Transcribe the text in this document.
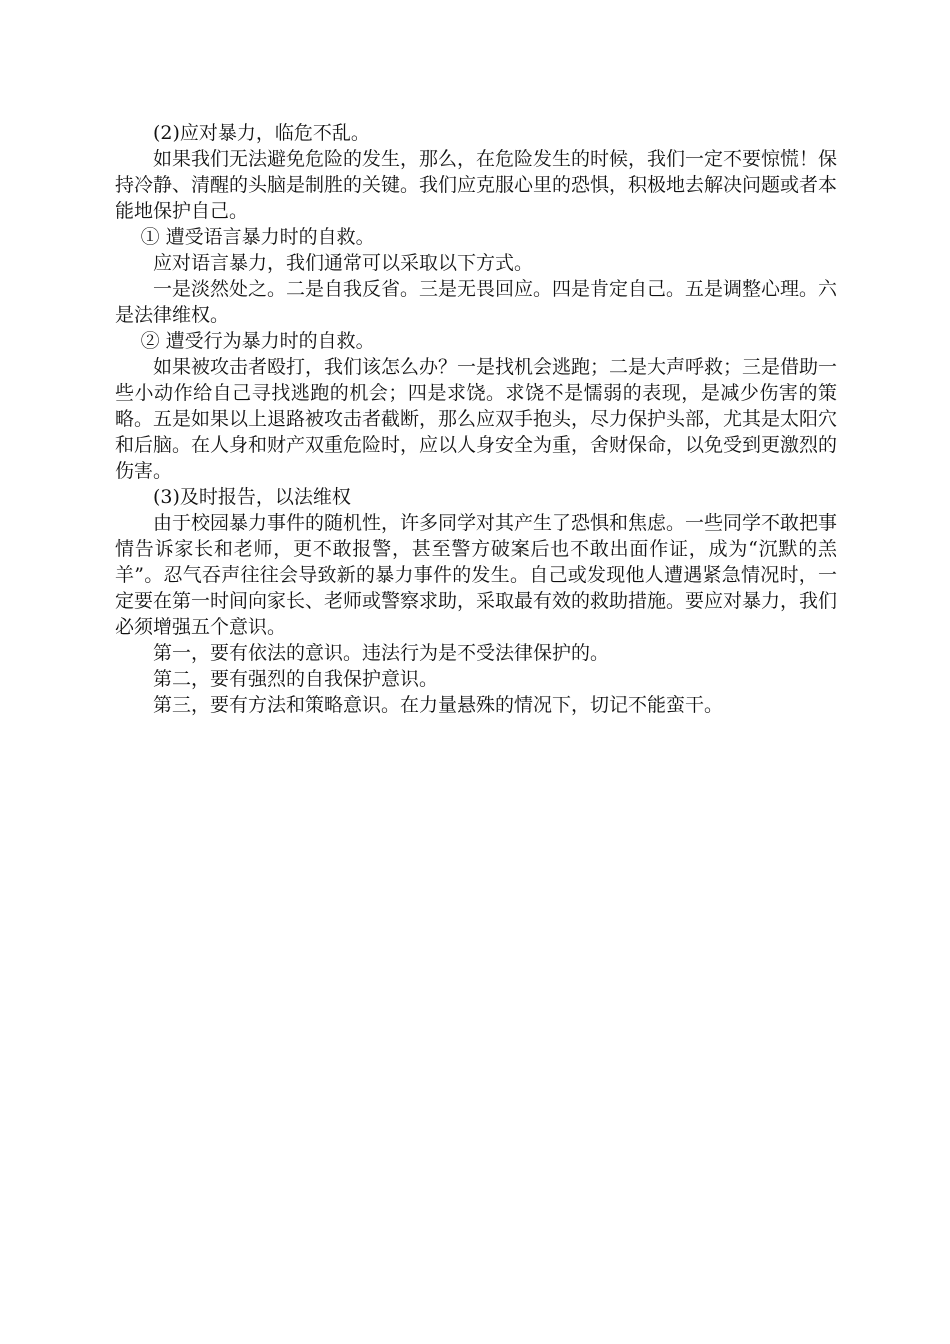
(2)应对暴力，临危不乱。

如果我们无法避免危险的发生，那么，在危险发生的时候，我们一定不要惊慌！保持冷静、清醒的头脑是制胜的关键。我们应克服心里的恐惧，积极地去解决问题或者本能地保护自己。

① 遭受语言暴力时的自救。

应对语言暴力，我们通常可以采取以下方式。

一是淡然处之。二是自我反省。三是无畏回应。四是肯定自己。五是调整心理。六是法律维权。

② 遭受行为暴力时的自救。

如果被攻击者殴打，我们该怎么办？一是找机会逃跑；二是大声呼救；三是借助一些小动作给自己寻找逃跑的机会；四是求饶。求饶不是懦弱的表现，是减少伤害的策略。五是如果以上退路被攻击者截断，那么应双手抱头，尽力保护头部，尤其是太阳穴和后脑。在人身和财产双重危险时，应以人身安全为重，舍财保命，以免受到更激烈的伤害。

(3)及时报告，以法维权

由于校园暴力事件的随机性，许多同学对其产生了恐惧和焦虑。一些同学不敢把事情告诉家长和老师，更不敢报警，甚至警方破案后也不敢出面作证，成为“沉默的羔羊”。忍气吞声往往会导致新的暴力事件的发生。自己或发现他人遭遇紧急情况时，一定要在第一时间向家长、老师或警察求助，采取最有效的救助措施。要应对暴力，我们必须增强五个意识。

第一，要有依法的意识。违法行为是不受法律保护的。

第二，要有强烈的自我保护意识。

第三，要有方法和策略意识。在力量悬殊的情况下，切记不能蛮干。
